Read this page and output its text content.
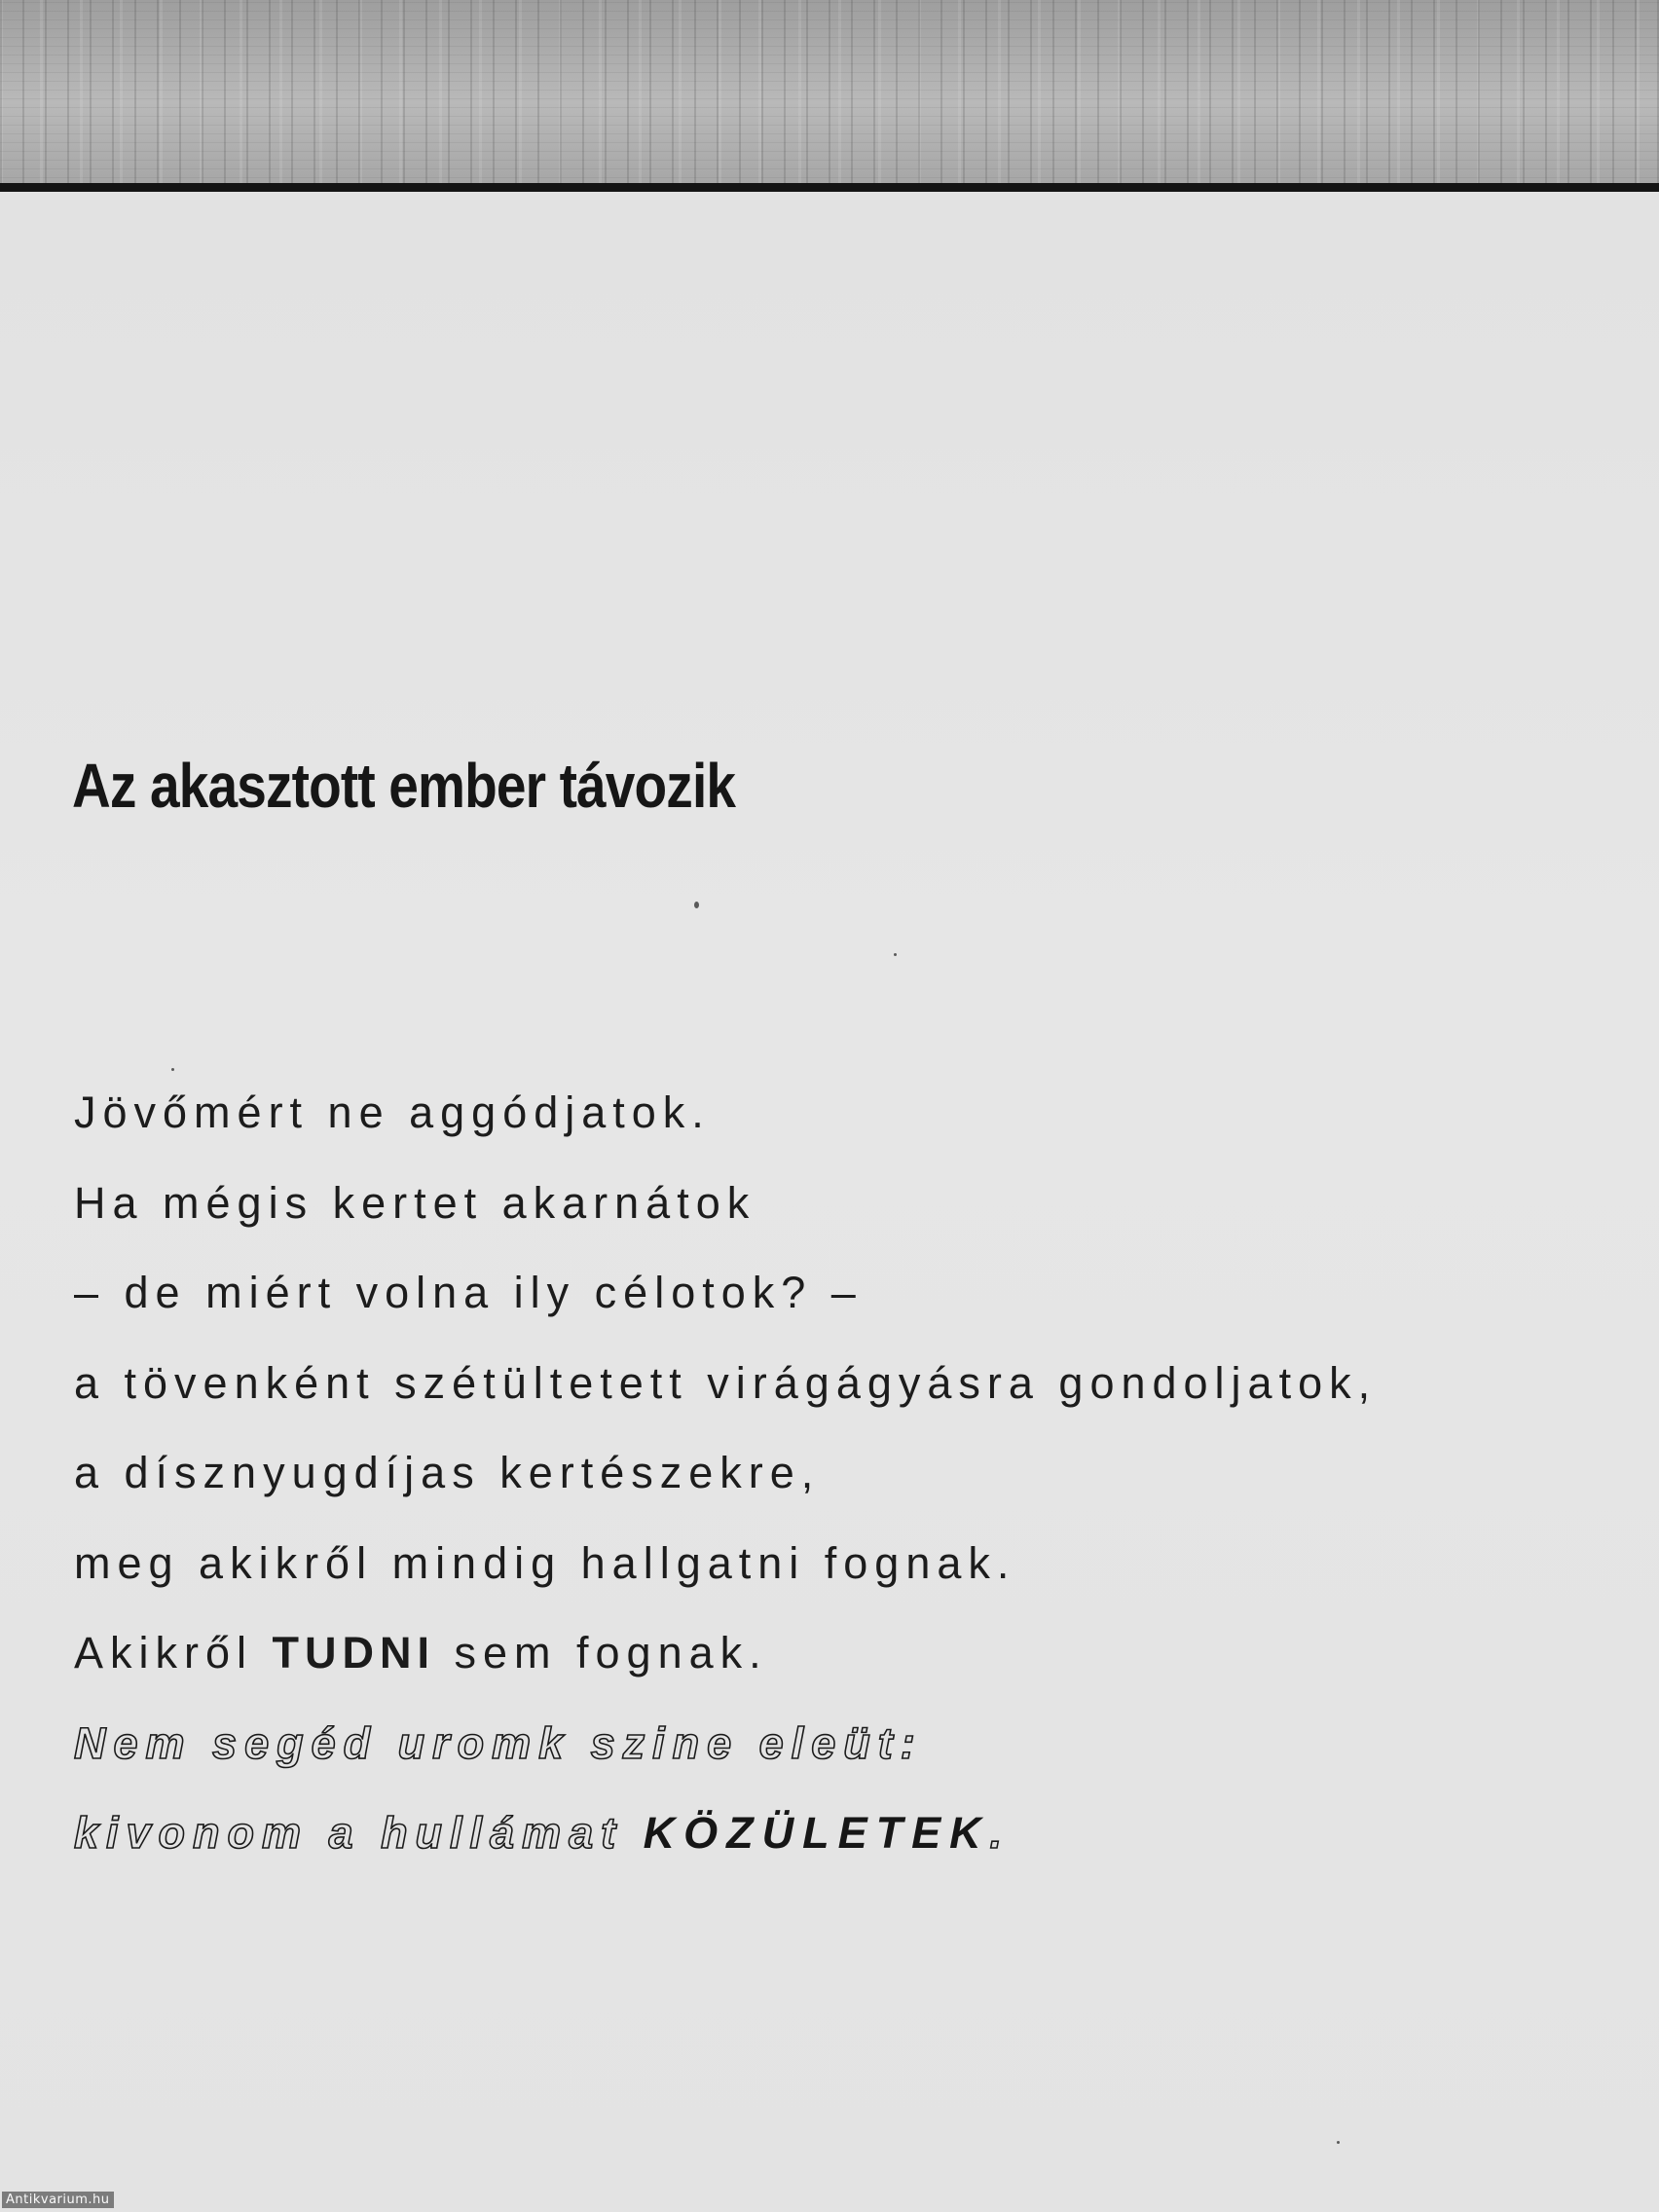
Az akasztott ember távozik
Jövőmért ne aggódjatok.
Ha mégis kertet akarnátok
– de miért volna ily célotok? –
a tövenként szétültetett virágágyásra gondoljatok,
a dísznyugdíjas kertészekre,
meg akikről mindig hallgatni fognak.
Akikről TUDNI sem fognak.
Nem segéd uromk szine eleüt:
kivonom a hullámat KÖZÜLETEK.
Antikvarium.hu
